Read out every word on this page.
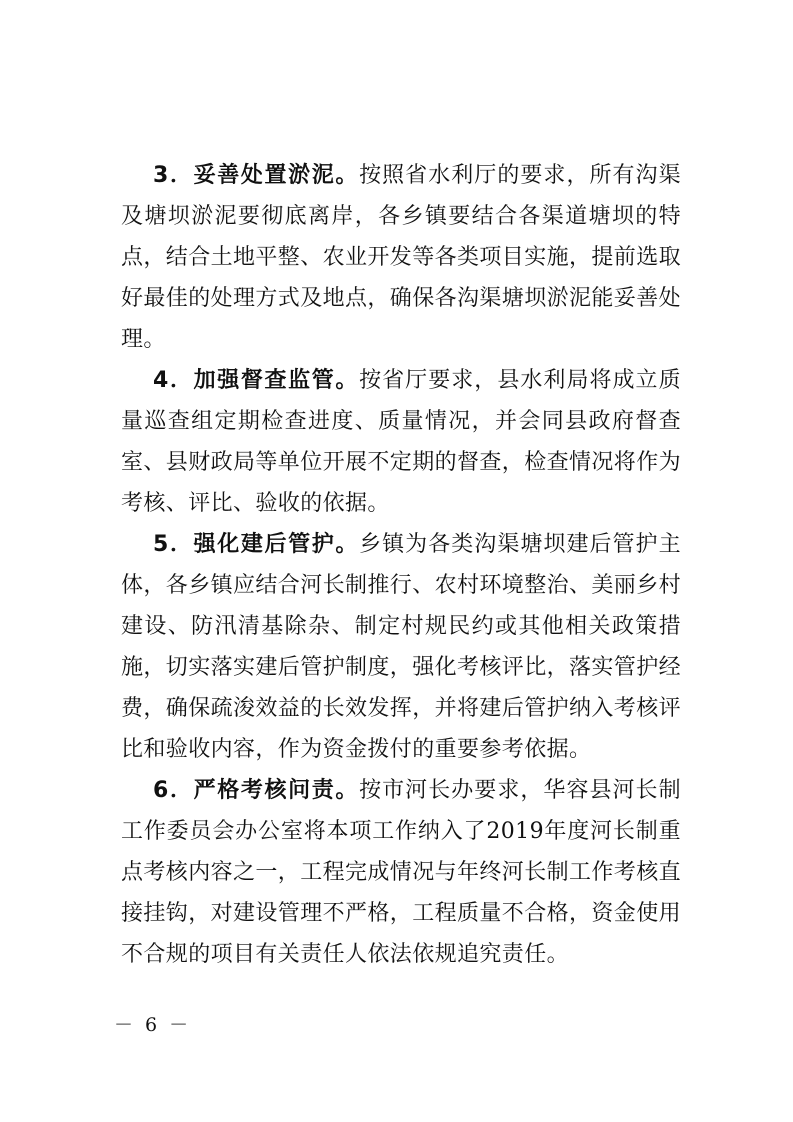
3．妥善处置淤泥。按照省水利厅的要求，所有沟渠及塘坝淤泥要彻底离岸，各乡镇要结合各渠道塘坝的特点，结合土地平整、农业开发等各类项目实施，提前选取好最佳的处理方式及地点，确保各沟渠塘坝淤泥能妥善处理。

4．加强督查监管。按省厅要求，县水利局将成立质量巡查组定期检查进度、质量情况，并会同县政府督查室、县财政局等单位开展不定期的督查，检查情况将作为考核、评比、验收的依据。

5．强化建后管护。乡镇为各类沟渠塘坝建后管护主体，各乡镇应结合河长制推行、农村环境整治、美丽乡村建设、防汛清基除杂、制定村规民约或其他相关政策措施，切实落实建后管护制度，强化考核评比，落实管护经费，确保疏浚效益的长效发挥，并将建后管护纳入考核评比和验收内容，作为资金拨付的重要参考依据。

6．严格考核问责。按市河长办要求，华容县河长制工作委员会办公室将本项工作纳入了2019年度河长制重点考核内容之一，工程完成情况与年终河长制工作考核直接挂钩，对建设管理不严格，工程质量不合格，资金使用不合规的项目有关责任人依法依规追究责任。

－ 6 －
